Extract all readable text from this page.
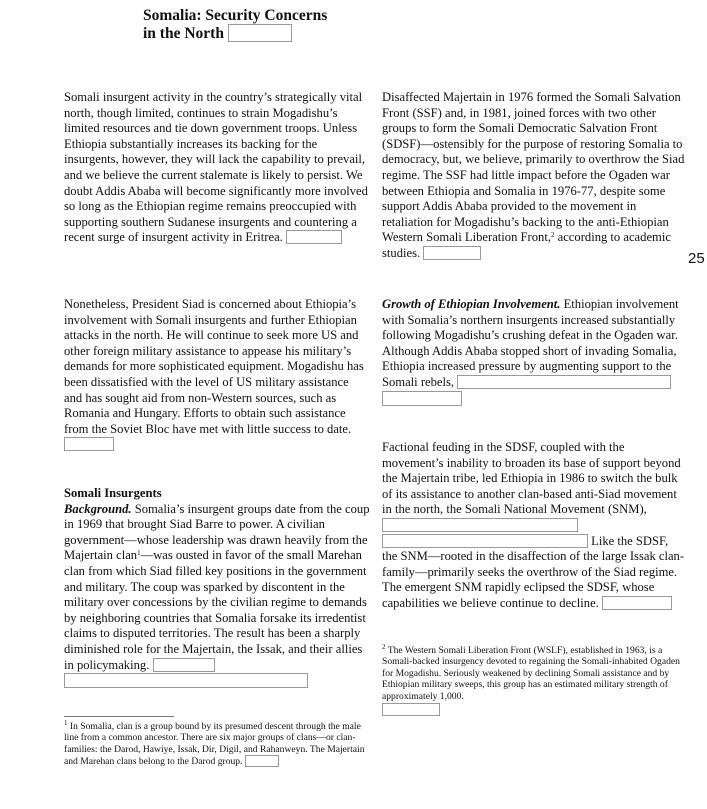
Somalia: Security Concerns
in the North
Somali insurgent activity in the country’s strategically vital north, though limited, continues to strain Mogadishu’s limited resources and tie down government troops. Unless Ethiopia substantially increases its backing for the insurgents, however, they will lack the capability to prevail, and we believe the current stalemate is likely to persist. We doubt Addis Ababa will become significantly more involved so long as the Ethiopian regime remains preoccupied with supporting southern Sudanese insurgents and countering a recent surge of insurgent activity in Eritrea.
Nonetheless, President Siad is concerned about Ethiopia’s involvement with Somali insurgents and further Ethiopian attacks in the north. He will continue to seek more US and other foreign military assistance to appease his military’s demands for more sophisticated equipment. Mogadishu has been dissatisfied with the level of US military assistance and has sought aid from non-Western sources, such as Romania and Hungary. Efforts to obtain such assistance from the Soviet Bloc have met with little success to date.
Somali Insurgents

Background. Somalia’s insurgent groups date from the coup in 1969 that brought Siad Barre to power. A civilian government—whose leadership was drawn heavily from the Majertain clan$^1$—was ousted in favor of the small Marehan clan from which Siad filled key positions in the government and military. The coup was sparked by discontent in the military over concessions by the civilian regime to demands by neighboring countries that Somalia forsake its irredentist claims to disputed territories. The result has been a sharply diminished role for the Majertain, the Issak, and their allies in policymaking.

$^1$ In Somalia, clan is a group bound by its presumed descent through the male line from a common ancestor. There are six major groups of clans—or clan-families: the Darod, Hawiye, Issak, Dir, Digil, and Rahanweyn. The Majertain and Marehan clans belong to the Darod group.
Disaffected Majertain in 1976 formed the Somali Salvation Front (SSF) and, in 1981, joined forces with two other groups to form the Somali Democratic Salvation Front (SDSF)—ostensibly for the purpose of restoring Somalia to democracy, but, we believe, primarily to overthrow the Siad regime. The SSF had little impact before the Ogaden war between Ethiopia and Somalia in 1976-77, despite some support Addis Ababa provided to the movement in retaliation for Mogadishu’s backing to the anti-Ethiopian Western Somali Liberation Front,$^2$ according to academic studies.
Growth of Ethiopian Involvement. Ethiopian involvement with Somalia’s northern insurgents increased substantially following Mogadishu’s crushing defeat in the Ogaden war. Although Addis Ababa stopped short of invading Somalia, Ethiopia increased pressure by augmenting support to the Somali rebels,
Factional feuding in the SDSF, coupled with the movement’s inability to broaden its base of support beyond the Majertain tribe, led Ethiopia in 1986 to switch the bulk of its assistance to another clan-based anti-Siad movement in the north, the Somali National Movement (SNM),
Like the SDSF,
the SNM—rooted in the disaffection of the large Issak clan-family—primarily seeks the overthrow of the Siad regime. The emergent SNM rapidly eclipsed the SDSF, whose capabilities we believe continue to decline.
$^2$ The Western Somali Liberation Front (WSLF), established in 1963, is a Somali-backed insurgency devoted to regaining the Somali-inhabited Ogaden for Mogadishu. Seriously weakened by declining Somali assistance and by Ethiopian military sweeps, this group has an estimated military strength of approximately 1,000.
25
